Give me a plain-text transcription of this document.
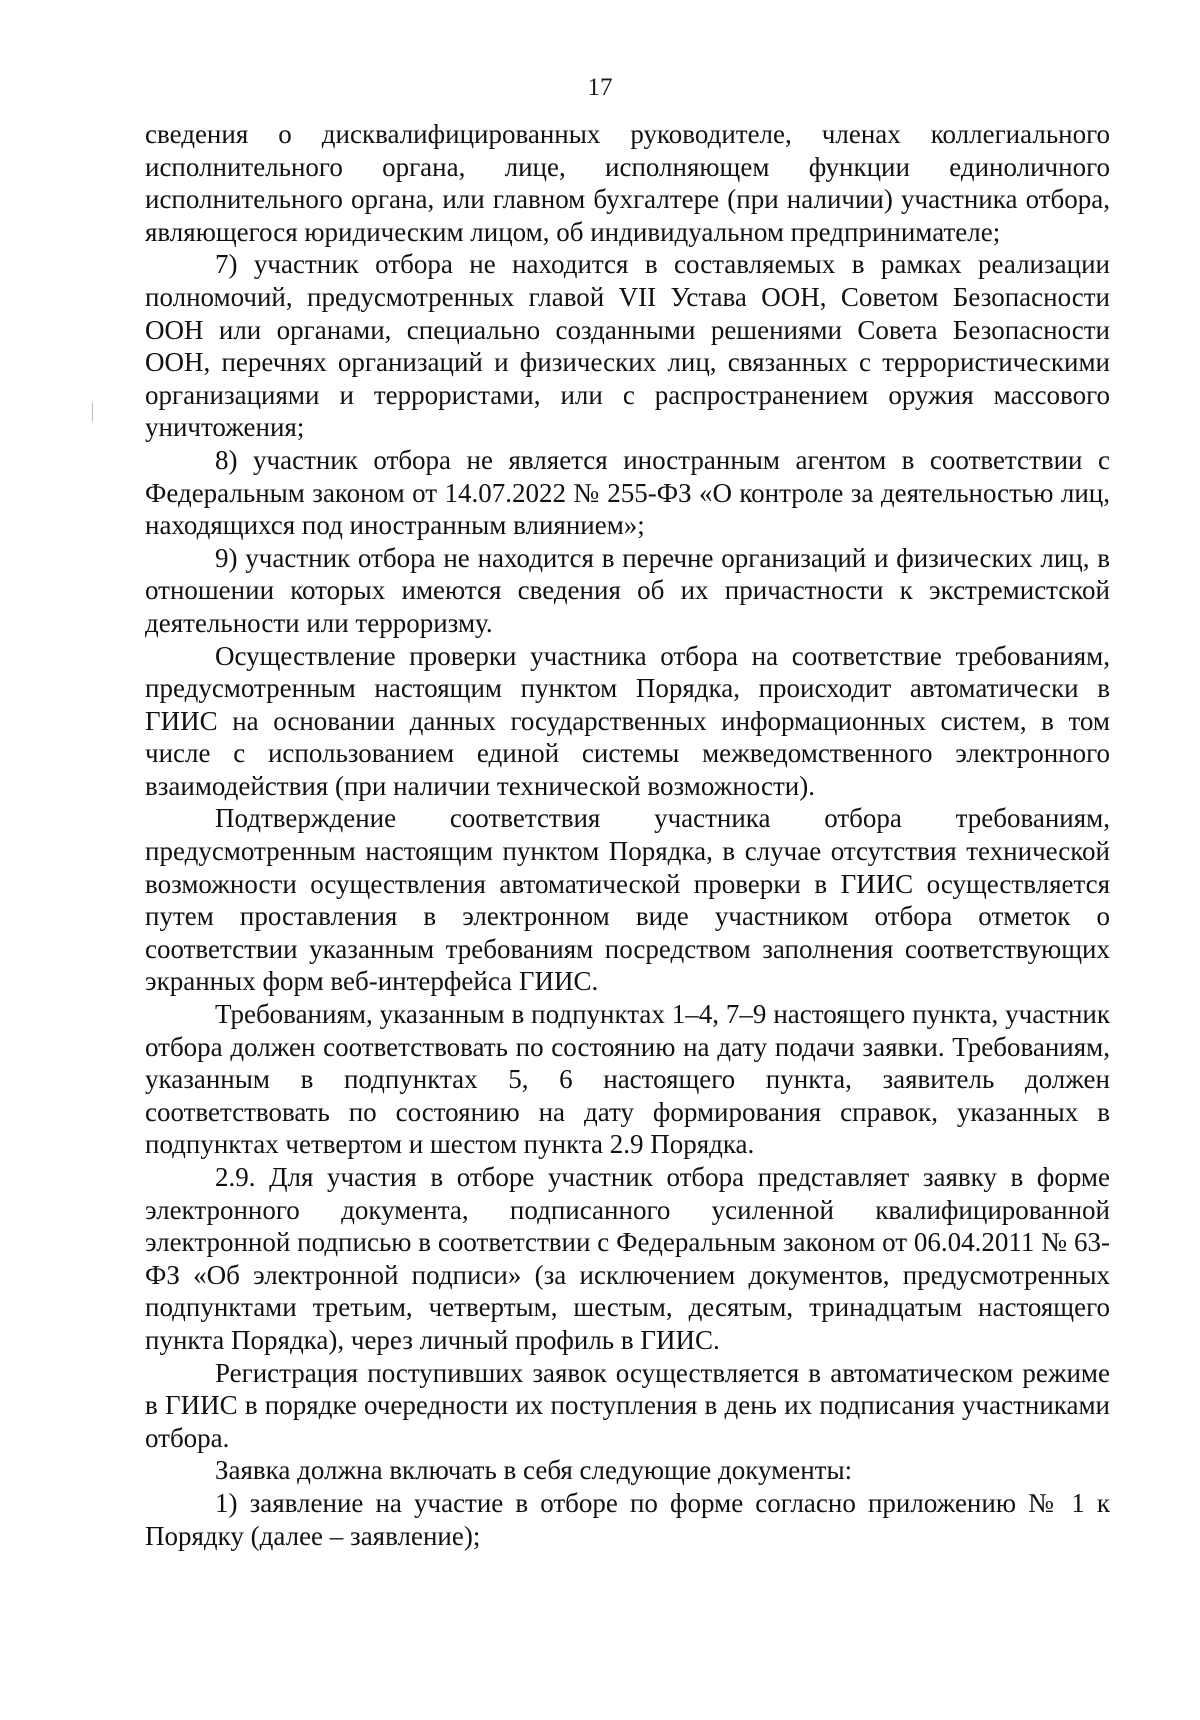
17

сведения о дисквалифицированных руководителе, членах коллегиального исполнительного органа, лице, исполняющем функции единоличного исполнительного органа, или главном бухгалтере (при наличии) участника отбора, являющегося юридическим лицом, об индивидуальном предпринимателе;

7) участник отбора не находится в составляемых в рамках реализации полномочий, предусмотренных главой VII Устава ООН, Советом Безопасности ООН или органами, специально созданными решениями Совета Безопасности ООН, перечнях организаций и физических лиц, связанных с террористическими организациями и террористами, или с распространением оружия массового уничтожения;

8) участник отбора не является иностранным агентом в соответствии с Федеральным законом от 14.07.2022 № 255-ФЗ «О контроле за деятельностью лиц, находящихся под иностранным влиянием»;

9) участник отбора не находится в перечне организаций и физических лиц, в отношении которых имеются сведения об их причастности к экстремистской деятельности или терроризму.

Осуществление проверки участника отбора на соответствие требованиям, предусмотренным настоящим пунктом Порядка, происходит автоматически в ГИИС на основании данных государственных информационных систем, в том числе с использованием единой системы межведомственного электронного взаимодействия (при наличии технической возможности).

Подтверждение соответствия участника отбора требованиям, предусмотренным настоящим пунктом Порядка, в случае отсутствия технической возможности осуществления автоматической проверки в ГИИС осуществляется путем проставления в электронном виде участником отбора отметок о соответствии указанным требованиям посредством заполнения соответствующих экранных форм веб-интерфейса ГИИС.

Требованиям, указанным в подпунктах 1–4, 7–9 настоящего пункта, участник отбора должен соответствовать по состоянию на дату подачи заявки. Требованиям, указанным в подпунктах 5, 6 настоящего пункта, заявитель должен соответствовать по состоянию на дату формирования справок, указанных в подпунктах четвертом и шестом пункта 2.9 Порядка.

2.9. Для участия в отборе участник отбора представляет заявку в форме электронного документа, подписанного усиленной квалифицированной электронной подписью в соответствии с Федеральным законом от 06.04.2011 № 63-ФЗ «Об электронной подписи» (за исключением документов, предусмотренных подпунктами третьим, четвертым, шестым, десятым, тринадцатым настоящего пункта Порядка), через личный профиль в ГИИС.

Регистрация поступивших заявок осуществляется в автоматическом режиме в ГИИС в порядке очередности их поступления в день их подписания участниками отбора.

Заявка должна включать в себя следующие документы:

1) заявление на участие в отборе по форме согласно приложению № 1 к Порядку (далее – заявление);
